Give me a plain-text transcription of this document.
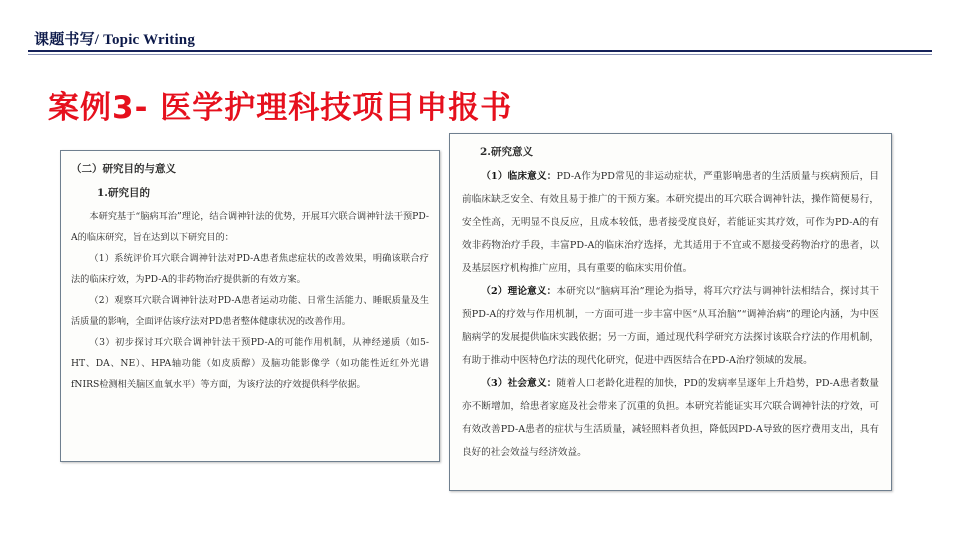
课题书写/ Topic Writing
案例3- 医学护理科技项目申报书
（二）研究目的与意义
1.研究目的

本研究基于“脑病耳治”理论，结合调神针法的优势，开展耳穴联合调神针法干预PD-A的临床研究，旨在达到以下研究目的：

（1）系统评价耳穴联合调神针法对PD-A患者焦虑症状的改善效果，明确该联合疗法的临床疗效，为PD-A的非药物治疗提供新的有效方案。

（2）观察耳穴联合调神针法对PD-A患者运动功能、日常生活能力、睡眠质量及生活质量的影响，全面评估该疗法对PD患者整体健康状况的改善作用。

（3）初步探讨耳穴联合调神针法干预PD-A的可能作用机制，从神经递质（如5-HT、DA、NE）、HPA轴功能（如皮质醇）及脑功能影像学（如功能性近红外光谱fNIRS检测相关脑区血氧水平）等方面，为该疗法的疗效提供科学依据。

2.研究意义

（1）临床意义：PD-A作为PD常见的非运动症状，严重影响患者的生活质量与疾病预后，目前临床缺乏安全、有效且易于推广的干预方案。本研究提出的耳穴联合调神针法，操作简便易行，安全性高，无明显不良反应，且成本较低，患者接受度良好，若能证实其疗效，可作为PD-A的有效非药物治疗手段，丰富PD-A的临床治疗选择，尤其适用于不宜或不愿接受药物治疗的患者，以及基层医疗机构推广应用，具有重要的临床实用价值。

（2）理论意义：本研究以“脑病耳治”理论为指导，将耳穴疗法与调神针法相结合，探讨其干预PD-A的疗效与作用机制，一方面可进一步丰富中医“从耳治脑”“调神治病”的理论内涵，为中医脑病学的发展提供临床实践依据；另一方面，通过现代科学研究方法探讨该联合疗法的作用机制，有助于推动中医特色疗法的现代化研究，促进中西医结合在PD-A治疗领域的发展。

（3）社会意义：随着人口老龄化进程的加快，PD的发病率呈逐年上升趋势，PD-A患者数量亦不断增加，给患者家庭及社会带来了沉重的负担。本研究若能证实耳穴联合调神针法的疗效，可有效改善PD-A患者的症状与生活质量，减轻照料者负担，降低因PD-A导致的医疗费用支出，具有良好的社会效益与经济效益。
